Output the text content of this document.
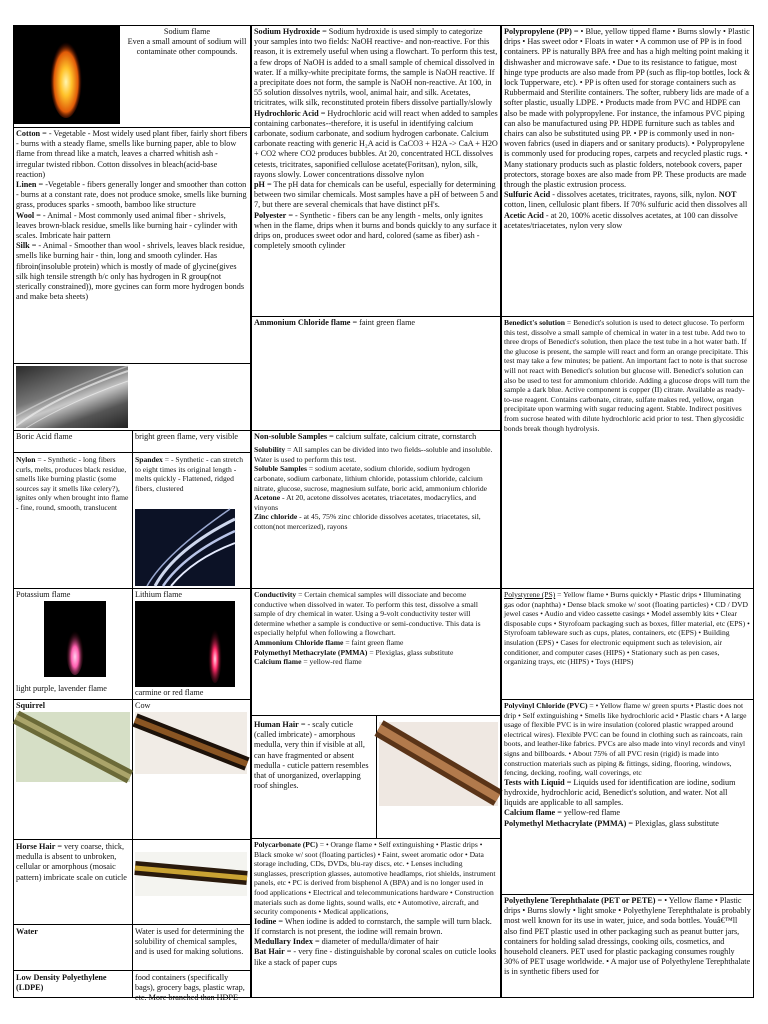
Sodium flame

Even a small amount of sodium will contaminate other compounds.

Cotton = - Vegetable - Most widely used plant fiber, fairly short fibers - burns with a steady flame, smells like burning paper, able to blow flame from thread like a match, leaves a charred whitish ash - irregular twisted ribbon. Cotton dissolves in bleach(acid-base reaction)

Linen = -Vegetable - fibers generally longer and smoother than cotton - burns at a constant rate, does not produce smoke, smells like burning grass, produces sparks - smooth, bamboo like structure

Wool = - Animal - Most commonly used animal fiber - shrivels, leaves brown-black residue, smells like burning hair - cylinder with scales. Imbricate hair pattern

Silk = - Animal - Smoother than wool - shrivels, leaves black residue, smells like burning hair - thin, long and smooth cylinder. Has fibroin(insoluble protein) which is mostly of made of glycine(gives silk high tensile strength b/c only has hydrogen in R group(not sterically constrained)), more gycines can form more hydrogen bonds and make beta sheets)

Boric Acid flame	bright green flame, very visible

Nylon = - Synthetic - long fibers curls, melts, produces black residue, smells like burning plastic (some sources say it smells like celery?), ignites only when brought into flame - fine, round, smooth, translucent

Spandex = - Synthetic - can stretch to eight times its original length - melts quickly - Flattened, ridged fibers, clustered

Potassium flame

light purple, lavender flame

Lithium flame

carmine or red flame

Squirrel	Cow

Horse Hair = very coarse, thick, medulla is absent to unbroken, cellular or amorphous (mosaic pattern) imbricate scale on cuticle

Water	Water is used for determining the solubility of chemical samples, and is used for making solutions.

Low Density Polyethylene (LDPE)

food containers (specifically bags), grocery bags, plastic wrap, etc. More branched than HDPE

Sodium Hydroxide = Sodium hydroxide is used simply to categorize your samples into two fields: NaOH reactive- and non-reactive. For this reason, it is extremely useful when using a flowchart. To perform this test, a few drops of NaOH is added to a small sample of chemical dissolved in water. If a milky-white precipitate forms, the sample is NaOH reactive. If a precipitate does not form, the sample is NaOH non-reactive. At 100, in 55 solution dissolves nytrils, wool, animal hair, and silk. Acetates, tricitrates, wilk silk, reconstituted protein fibers dissolve partially/slowly

Hydrochloric Acid = Hydrochloric acid will react when added to samples containing carbonates--therefore, it is useful in identifying calcium carbonate, sodium carbonate, and sodium hydrogen carbonate. Calcium carbonate reacting with generic H₂A acid is CaCO3 + H2A -> CaA + H2O + CO2 where CO2 produces bubbles. At 20, concentrated HCL dissolves cetests, tricitrates, saponified cellulose acetate(Foritsan), nylon, silk, rayons slowly. Lower concentrations dissolve nylon

pH = The pH data for chemicals can be useful, especially for determining between two similar chemicals. Most samples have a pH of between 5 and 7, but there are several chemicals that have distinct pH's.

Polyester = - Synthetic - fibers can be any length - melts, only ignites when in the flame, drips when it burns and bonds quickly to any surface it drips on, produces sweet odor and hard, colored (same as fiber) ash - completely smooth cylinder

Ammonium Chloride flame = faint green flame

Non-soluble Samples = calcium sulfate, calcium citrate, cornstarch

Solubility = All samples can be divided into two fields--soluble and insoluble. Water is used to perform this test.

Soluble Samples = sodium acetate, sodium chloride, sodium hydrogen carbonate, sodium carbonate, lithium chloride, potassium chloride, calcium nitrate, glucose, sucrose, magnesium sulfate, boric acid, ammonium chloride

Acetone - At 20, acetone dissolves acetates, triacetates, modacrylics, and vinyons

Zinc chloride - at 45, 75% zinc chloride dissolves acetates, triacetates, sil, cotton(not mercerized), rayons

Conductivity = Certain chemical samples will dissociate and become conductive when dissolved in water. To perform this test, dissolve a small sample of dry chemical in water. Using a 9-volt conductivity tester will determine whether a sample is conductive or semi-conductive. This data is especially helpful when following a flowchart.

Ammonium Chloride flame = faint green flame

Polymethyl Methacrylate (PMMA) = Plexiglas, glass substitute

Calcium flame = yellow-red flame

Human Hair = - scaly cuticle (called imbricate) - amorphous medulla, very thin if visible at all, can have fragmented or absent medulla - cuticle pattern resembles that of unorganized, overlapping roof shingles.

Polycarbonate (PC) = • Orange flame • Self extinguishing • Plastic drips • Black smoke w/ soot (floating particles) • Faint, sweet aromatic odor • Data storage including, CDs, DVDs, blu-ray discs, etc. • Lenses including sunglasses, prescription glasses, automotive headlamps, riot shields, instrument panels, etc • PC is derived from bisphenol A (BPA) and is no longer used in food applications • Electrical and telecommunications hardware • Construction materials such as dome lights, sound walls, etc • Automotive, aircraft, and security components • Medical applications,

Iodine = When iodine is added to cornstarch, the sample will turn black. If cornstarch is not present, the iodine will remain brown.

Medullary Index = diameter of medulla/dimater of hair

Bat Hair = - very fine - distinguishable by coronal scales on cuticle looks like a stack of paper cups

Polypropylene (PP) = • Blue, yellow tipped flame • Burns slowly • Plastic drips • Has sweet odor • Floats in water • A common use of PP is in food containers. PP is naturally BPA free and has a high melting point making it dishwasher and microwave safe. • Due to its resistance to fatigue, most hinge type products are also made from PP (such as flip-top bottles, lock & lock Tupperware, etc). • PP is often used for storage containers such as Rubbermaid and Sterilite containers. The softer, rubbery lids are made of a softer plastic, usually LDPE. • Products made from PVC and HDPE can also be made with polypropylene. For instance, the infamous PVC piping can also be manufactured using PP. HDPE furniture such as tables and chairs can also be substituted using PP. • PP is commonly used in non-woven fabrics (used in diapers and or sanitary products). • Polypropylene is commonly used for producing ropes, carpets and recycled plastic rugs. • Many stationary products such as plastic folders, notebook covers, paper protectors, storage boxes are also made from PP. These products are made through the plastic extrusion process.

Sulfuric Acid - dissolves acetates, tricitrates, rayons, silk, nylon. NOT cotton, linen, cellulosic plant fibers. If 70% sulfuric acid then dissolves all

Acetic Acid - at 20, 100% acetic dissolves acetates, at 100 can dissolve acetates/triacetates, nylon very slow

Benedict's solution = Benedict's solution is used to detect glucose. To perform this test, dissolve a small sample of chemical in water in a test tube. Add two to three drops of Benedict's solution, then place the test tube in a hot water bath. If the glucose is present, the sample will react and form an orange precipitate. This test may take a few minutes; be patient. An important fact to note is that sucrose will not react with Benedict's solution but glucose will. Benedict's solution can also be used to test for ammonium chloride. Adding a glucose drops will turn the sample a dark blue. Active component is copper (II) citrate. Available as ready-to-use reagent. Contains carbonate, citrate, sulfate makes red, yellow, organ precipitate upon warming with sugar reducing agent. Stable. Indirect positives from sucrose heated with dilute hydrochloric acid prior to test. Then glycosidic bonds break though hydrolysis.

Polystyrene (PS) = Yellow flame • Burns quickly • Plastic drips • Illuminating gas odor (naphtha) • Dense black smoke w/ soot (floating particles) • CD / DVD jewel cases • Audio and video cassette casings • Model assembly kits • Clear disposable cups • Styrofoam packaging such as boxes, filler material, etc (EPS) • Styrofoam tableware such as cups, plates, containers, etc (EPS) • Building insulation (EPS) • Cases for electronic equipment such as television, air conditioner, and computer cases (HIPS) • Stationary such as pen cases, organizing trays, etc (HIPS) • Toys (HIPS)

Polyvinyl Chloride (PVC) = • Yellow flame w/ green spurts • Plastic does not drip • Self extinguishing • Smells like hydrochloric acid • Plastic chars • A large usage of flexible PVC is in wire insulation (colored plastic wrapped around electrical wires). Flexible PVC can be found in clothing such as raincoats, rain boots, and leather-like fabrics. PVCs are also made into vinyl records and vinyl signs and billboards. • About 75% of all PVC resin (rigid) is made into construction materials such as piping & fittings, siding, flooring, windows, fencing, decking, roofing, wall coverings, etc

Tests with Liquid = Liquids used for identification are iodine, sodium hydroxide, hydrochloric acid, Benedict's solution, and water. Not all liquids are applicable to all samples.

Calcium flame = yellow-red flame

Polymethyl Methacrylate (PMMA) = Plexiglas, glass substitute

Polyethylene Terephthalate (PET or PETE) = • Yellow flame • Plastic drips • Burns slowly • light smoke • Polyethylene Terephthalate is probably most well known for its use in water, juice, and soda bottles. Youâ€™ll also find PET plastic used in other packaging such as peanut butter jars, containers for holding salad dressings, cooking oils, cosmetics, and household cleaners. PET used for plastic packaging consumes roughly 30% of PET usage worldwide. • A major use of Polyethylene Terephthalate is in synthetic fibers used for
